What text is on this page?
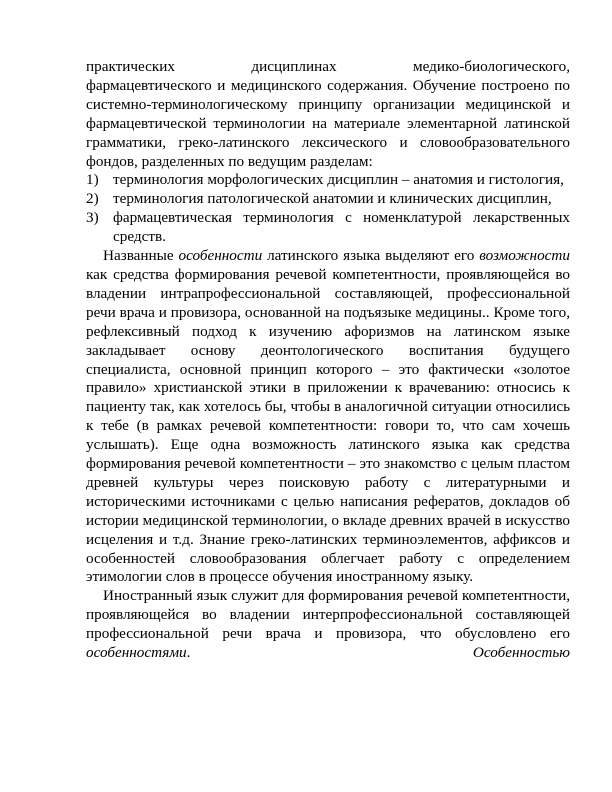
практических дисциплинах медико-биологического,

фармацевтического и медицинского содержания. Обучение построено по системно-терминологическому принципу организации медицинской и фармацевтической терминологии на материале элементарной латинской грамматики, греко-латинского лексического и словообразовательного фондов, разделенных по ведущим разделам:

1) терминология морфологических дисциплин – анатомия и гистология,
2) терминология патологической анатомии и клинических дисциплин,
3) фармацевтическая терминология с номенклатурой лекарственных средств.

Названные особенности латинского языка выделяют его возможности как средства формирования речевой компетентности, проявляющейся во владении интрапрофессиональной составляющей, профессиональной речи врача и провизора, основанной на подъязыке медицины.. Кроме того, рефлексивный подход к изучению афоризмов на латинском языке закладывает основу деонтологического воспитания будущего специалиста, основной принцип которого – это фактически «золотое правило» христианской этики в приложении к врачеванию: относись к пациенту так, как хотелось бы, чтобы в аналогичной ситуации относились к тебе (в рамках речевой компетентности: говори то, что сам хочешь услышать). Еще одна возможность латинского языка как средства формирования речевой компетентности – это знакомство с целым пластом древней культуры через поисковую работу с литературными и историческими источниками с целью написания рефератов, докладов об истории медицинской терминологии, о вкладе древних врачей в искусство исцеления и т.д. Знание греко-латинских терминоэлементов, аффиксов и особенностей словообразования облегчает работу с определением этимологии слов в процессе обучения иностранному языку.

Иностранный язык служит для формирования речевой компетентности, проявляющейся во владении интерпрофессиональной составляющей профессиональной речи врача и провизора, что обусловлено его особенностями. Особенностью
